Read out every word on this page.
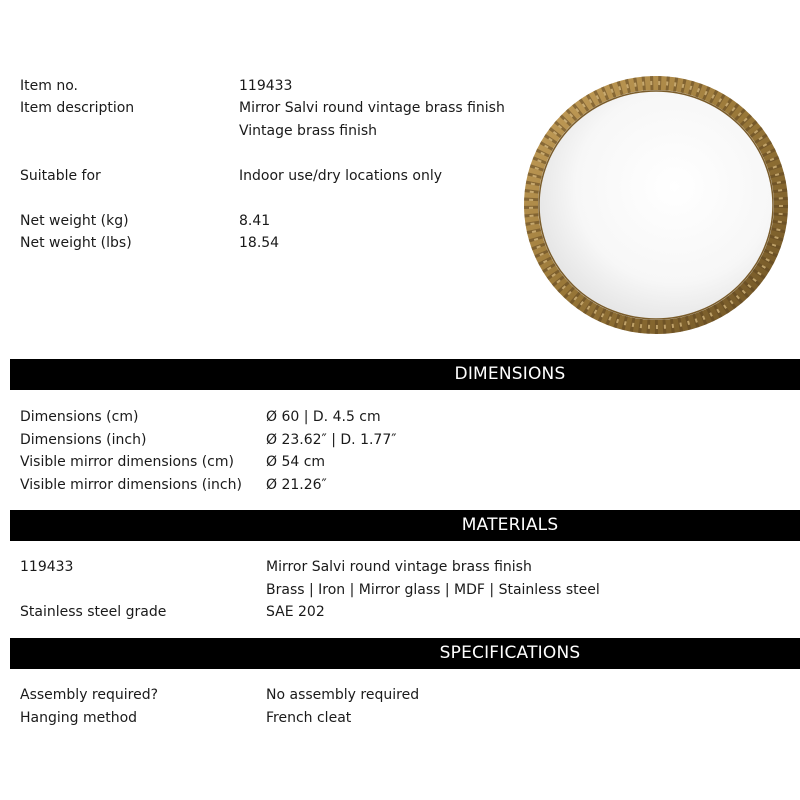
Item no.	119433
Item description	Mirror Salvi round vintage brass finish
Vintage brass finish
Suitable for	Indoor use/dry locations only
Net weight (kg)	8.41
Net weight (lbs)	18.54
DIMENSIONS
Dimensions (cm)	Ø 60 | D. 4.5 cm
Dimensions (inch)	Ø 23.62″ | D. 1.77″
Visible mirror dimensions (cm) Ø 54 cm
Visible mirror dimensions (inch) Ø 21.26″
MATERIALS
119433	Mirror Salvi round vintage brass finish
Brass | Iron | Mirror glass | MDF | Stainless steel
Stainless steel grade	SAE 202
SPECIFICATIONS
Assembly required?	No assembly required
Hanging method	French cleat
